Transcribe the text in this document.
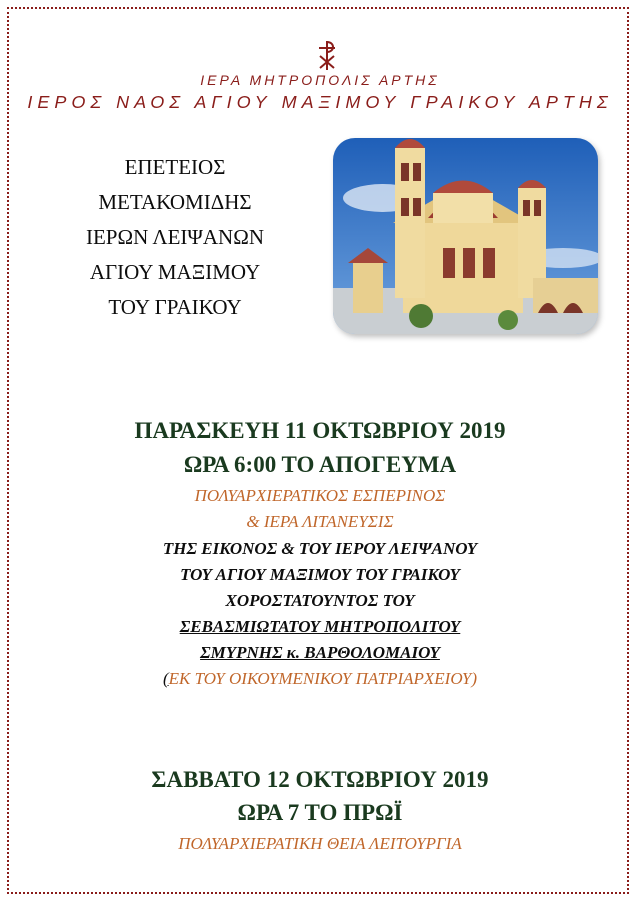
ΙΕΡΑ ΜΗΤΡΟΠΟΛΙΣ ΑΡΤΗΣ
ΙΕΡΟΣ ΝΑΟΣ ΑΓΙΟΥ ΜΑΞΙΜΟΥ ΓΡΑΙΚΟΥ ΑΡΤΗΣ
ΕΠΕΤΕΙΟΣ
ΜΕΤΑΚΟΜΙΔΗΣ
ΙΕΡΩΝ ΛΕΙΨΑΝΩΝ
ΑΓΙΟΥ ΜΑΞΙΜΟΥ
ΤΟΥ ΓΡΑΙΚΟΥ
ΠΑΡΑΣΚΕΥΗ 11 ΟΚΤΩΒΡΙΟΥ 2019
ΩΡΑ 6:00 ΤΟ ΑΠΟΓΕΥΜΑ
ΠΟΛΥΑΡΧΙΕΡΑΤΙΚΟΣ ΕΣΠΕΡΙΝΟΣ
& ΙΕΡΑ ΛΙΤΑΝΕΥΣΙΣ
ΤΗΣ ΕΙΚΟΝΟΣ & ΤΟΥ ΙΕΡΟΥ ΛΕΙΨΑΝΟΥ
ΤΟΥ ΑΓΙΟΥ ΜΑΞΙΜΟΥ ΤΟΥ ΓΡΑΙΚΟΥ
ΧΟΡΟΣΤΑΤΟΥΝΤΟΣ ΤΟΥ
ΣΕΒΑΣΜΙΩΤΑΤΟΥ ΜΗΤΡΟΠΟΛΙΤΟΥ
ΣΜΥΡΝΗΣ κ. ΒΑΡΘΟΛΟΜΑΙΟΥ
(ΕΚ ΤΟΥ ΟΙΚΟΥΜΕΝΙΚΟΥ ΠΑΤΡΙΑΡΧΕΙΟΥ)
ΣΑΒΒΑΤΟ 12 ΟΚΤΩΒΡΙΟΥ 2019
ΩΡΑ 7 ΤΟ ΠΡΩΪ
ΠΟΛΥΑΡΧΙΕΡΑΤΙΚΗ ΘΕΙΑ ΛΕΙΤΟΥΡΓΙΑ
